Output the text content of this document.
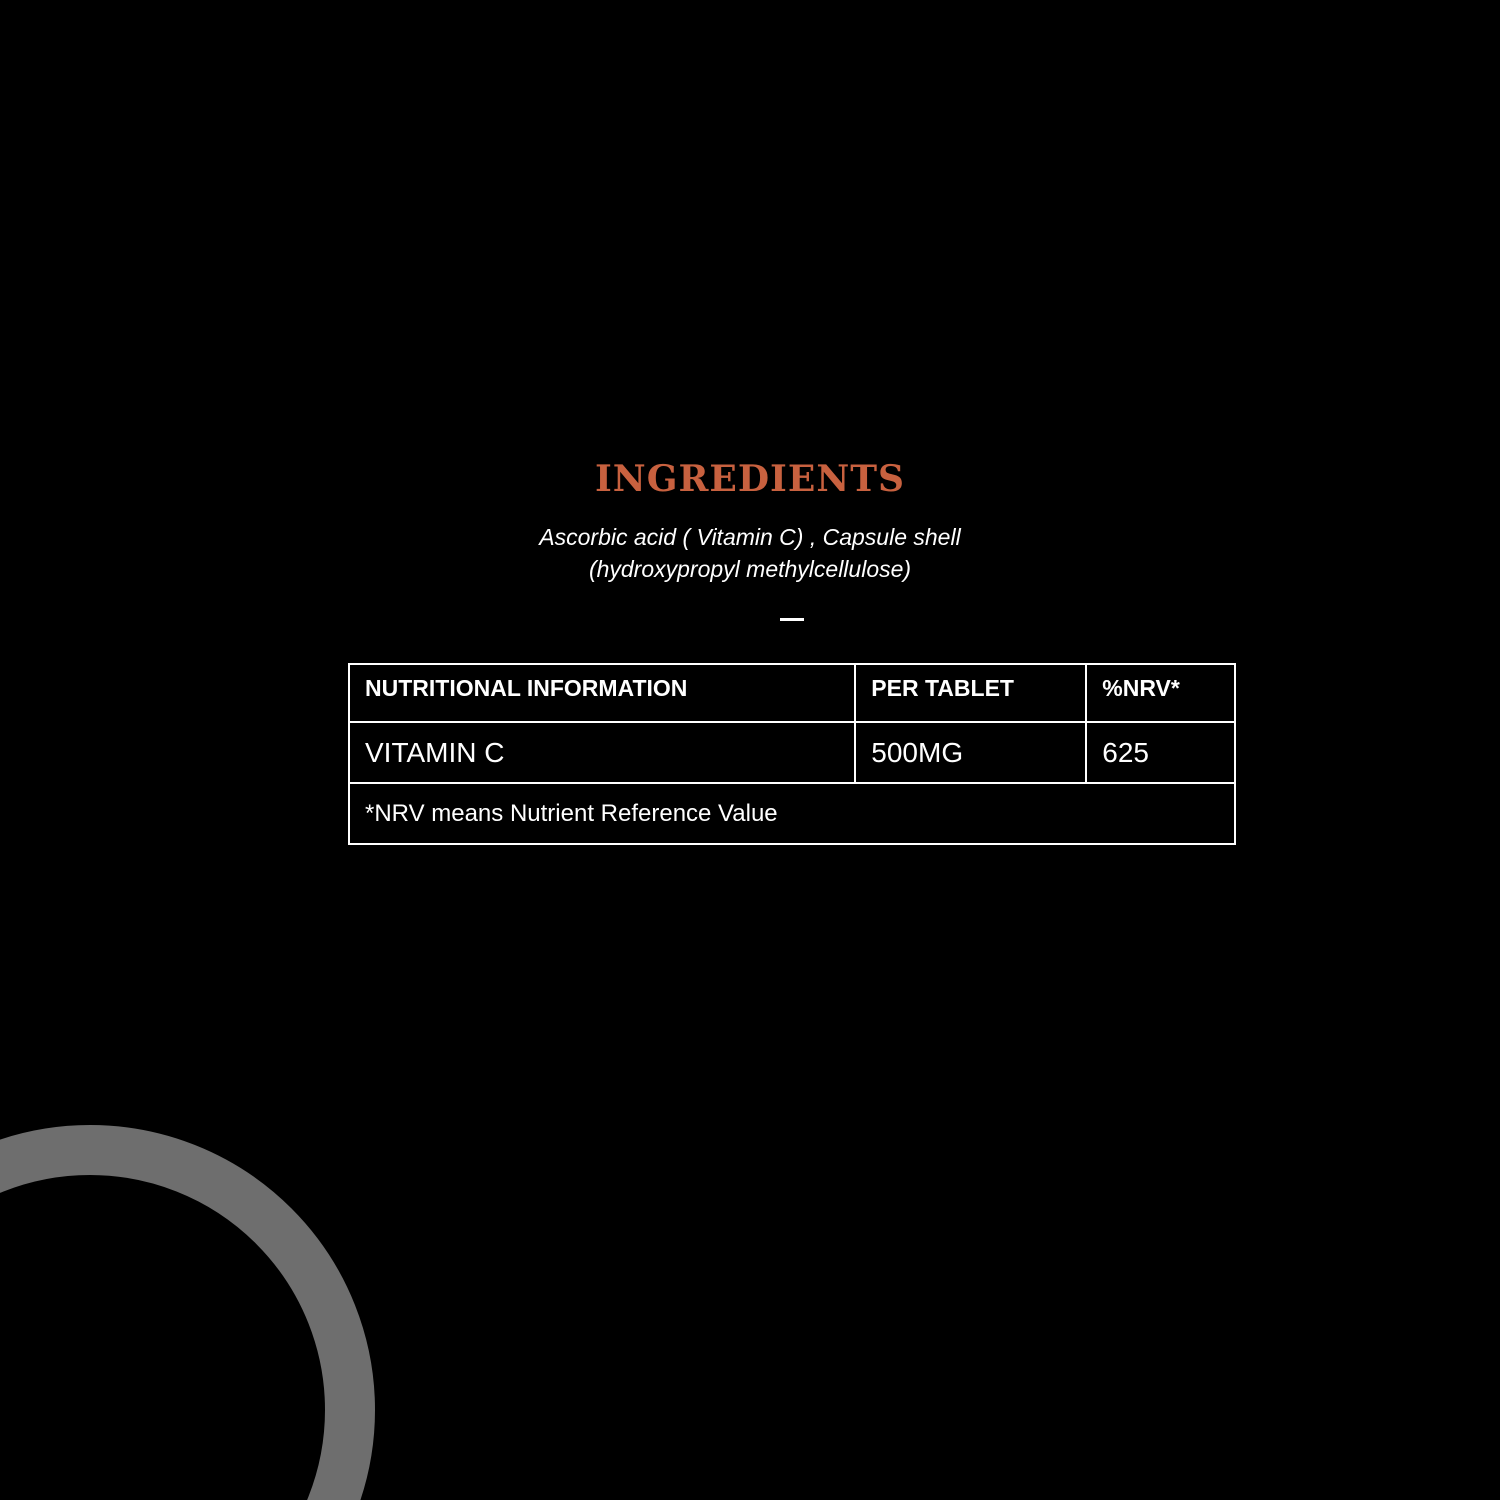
INGREDIENTS
Ascorbic acid ( Vitamin C) , Capsule shell
(hydroxypropyl methylcellulose)
NUTRITIONAL INFORMATION	PER TABLET	%NRV*
VITAMIN C	500MG	625
*NRV means Nutrient Reference Value		
